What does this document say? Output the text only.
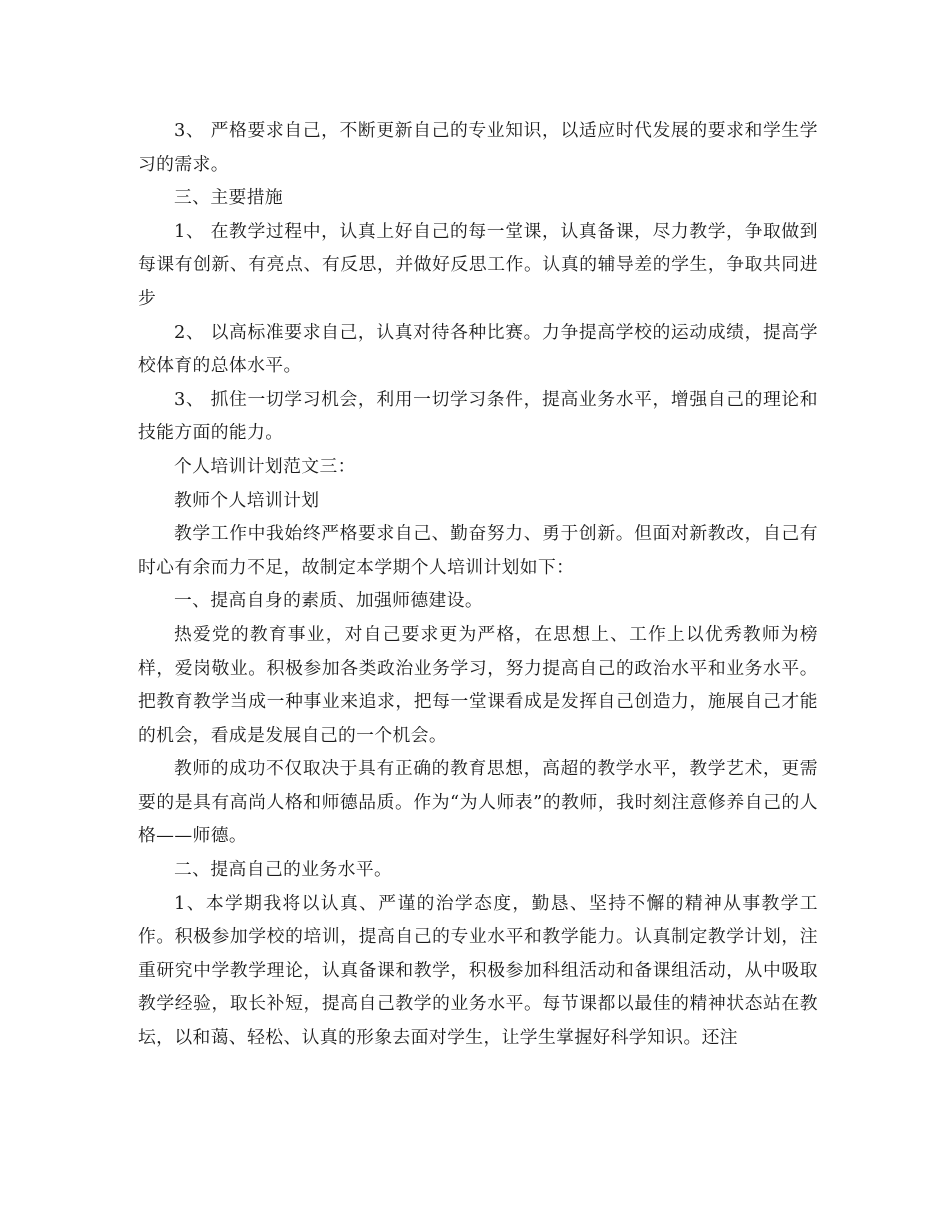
3、 严格要求自己，不断更新自己的专业知识，以适应时代发展的要求和学生学习的需求。

三、主要措施

1、 在教学过程中，认真上好自己的每一堂课，认真备课，尽力教学，争取做到每课有创新、有亮点、有反思，并做好反思工作。认真的辅导差的学生，争取共同进步

2、 以高标准要求自己，认真对待各种比赛。力争提高学校的运动成绩，提高学校体育的总体水平。

3、 抓住一切学习机会，利用一切学习条件，提高业务水平，增强自己的理论和技能方面的能力。

个人培训计划范文三：

教师个人培训计划

教学工作中我始终严格要求自己、勤奋努力、勇于创新。但面对新教改，自己有时心有余而力不足，故制定本学期个人培训计划如下：

一、提高自身的素质、加强师德建设。

热爱党的教育事业，对自己要求更为严格，在思想上、工作上以优秀教师为榜样，爱岗敬业。积极参加各类政治业务学习，努力提高自己的政治水平和业务水平。把教育教学当成一种事业来追求，把每一堂课看成是发挥自己创造力，施展自己才能的机会，看成是发展自己的一个机会。

教师的成功不仅取决于具有正确的教育思想，高超的教学水平，教学艺术，更需要的是具有高尚人格和师德品质。作为“为人师表”的教师，我时刻注意修养自己的人格——师德。

二、提高自己的业务水平。

1、本学期我将以认真、严谨的治学态度，勤恳、坚持不懈的精神从事教学工作。积极参加学校的培训，提高自己的专业水平和教学能力。认真制定教学计划，注重研究中学教学理论，认真备课和教学，积极参加科组活动和备课组活动，从中吸取教学经验，取长补短，提高自己教学的业务水平。每节课都以最佳的精神状态站在教坛，以和蔼、轻松、认真的形象去面对学生，让学生掌握好科学知识。还注
